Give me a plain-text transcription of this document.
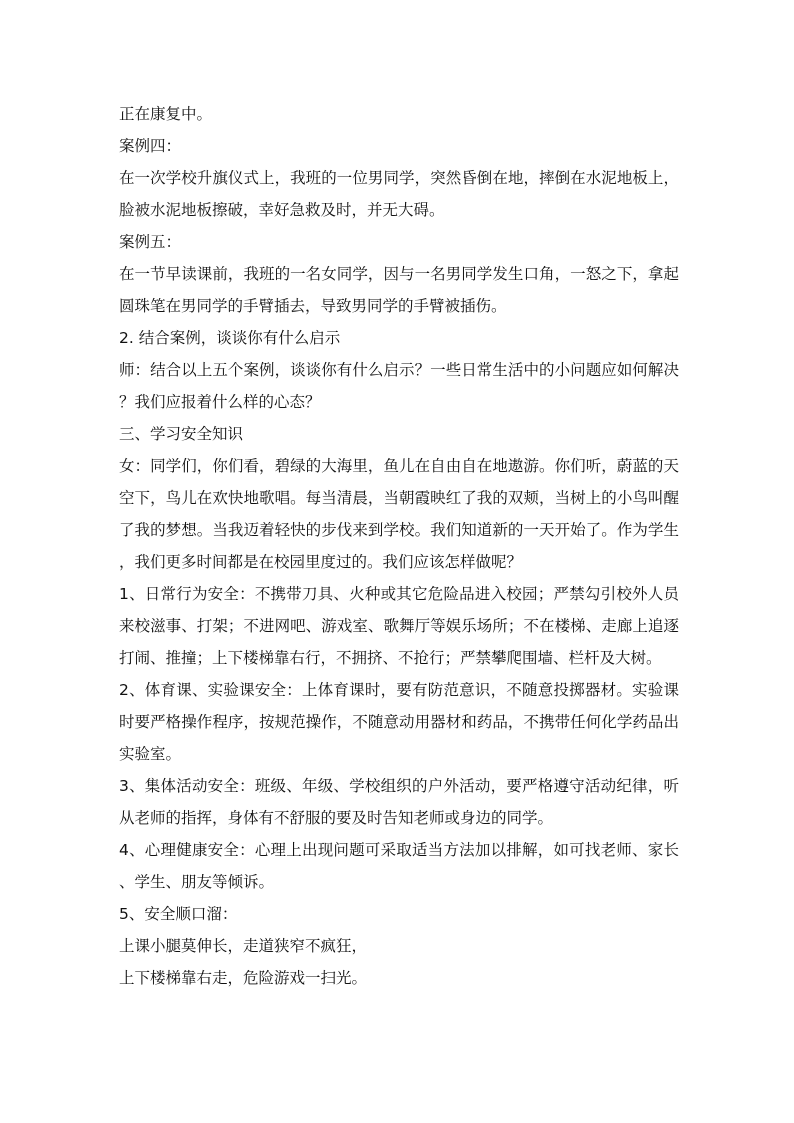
正在康复中。

案例四：

在一次学校升旗仪式上，我班的一位男同学，突然昏倒在地，摔倒在水泥地板上，脸被水泥地板擦破，幸好急救及时，并无大碍。

案例五：

在一节早读课前，我班的一名女同学，因与一名男同学发生口角，一怒之下，拿起圆珠笔在男同学的手臂插去，导致男同学的手臂被插伤。

2. 结合案例，谈谈你有什么启示

师：结合以上五个案例，谈谈你有什么启示？一些日常生活中的小问题应如何解决？我们应报着什么样的心态？

三、学习安全知识

女：同学们，你们看，碧绿的大海里，鱼儿在自由自在地遨游。你们听，蔚蓝的天空下，鸟儿在欢快地歌唱。每当清晨，当朝霞映红了我的双颊，当树上的小鸟叫醒了我的梦想。当我迈着轻快的步伐来到学校。我们知道新的一天开始了。作为学生，我们更多时间都是在校园里度过的。我们应该怎样做呢？

1、日常行为安全：不携带刀具、火种或其它危险品进入校园；严禁勾引校外人员来校滋事、打架；不进网吧、游戏室、歌舞厅等娱乐场所；不在楼梯、走廊上追逐打闹、推撞；上下楼梯靠右行，不拥挤、不抢行；严禁攀爬围墙、栏杆及大树。

2、体育课、实验课安全：上体育课时，要有防范意识，不随意投掷器材。实验课时要严格操作程序，按规范操作，不随意动用器材和药品，不携带任何化学药品出实验室。

3、集体活动安全：班级、年级、学校组织的户外活动，要严格遵守活动纪律，听从老师的指挥，身体有不舒服的要及时告知老师或身边的同学。

4、心理健康安全：心理上出现问题可采取适当方法加以排解，如可找老师、家长、学生、朋友等倾诉。

5、安全顺口溜：

上课小腿莫伸长，走道狭窄不疯狂，

上下楼梯靠右走，危险游戏一扫光。
